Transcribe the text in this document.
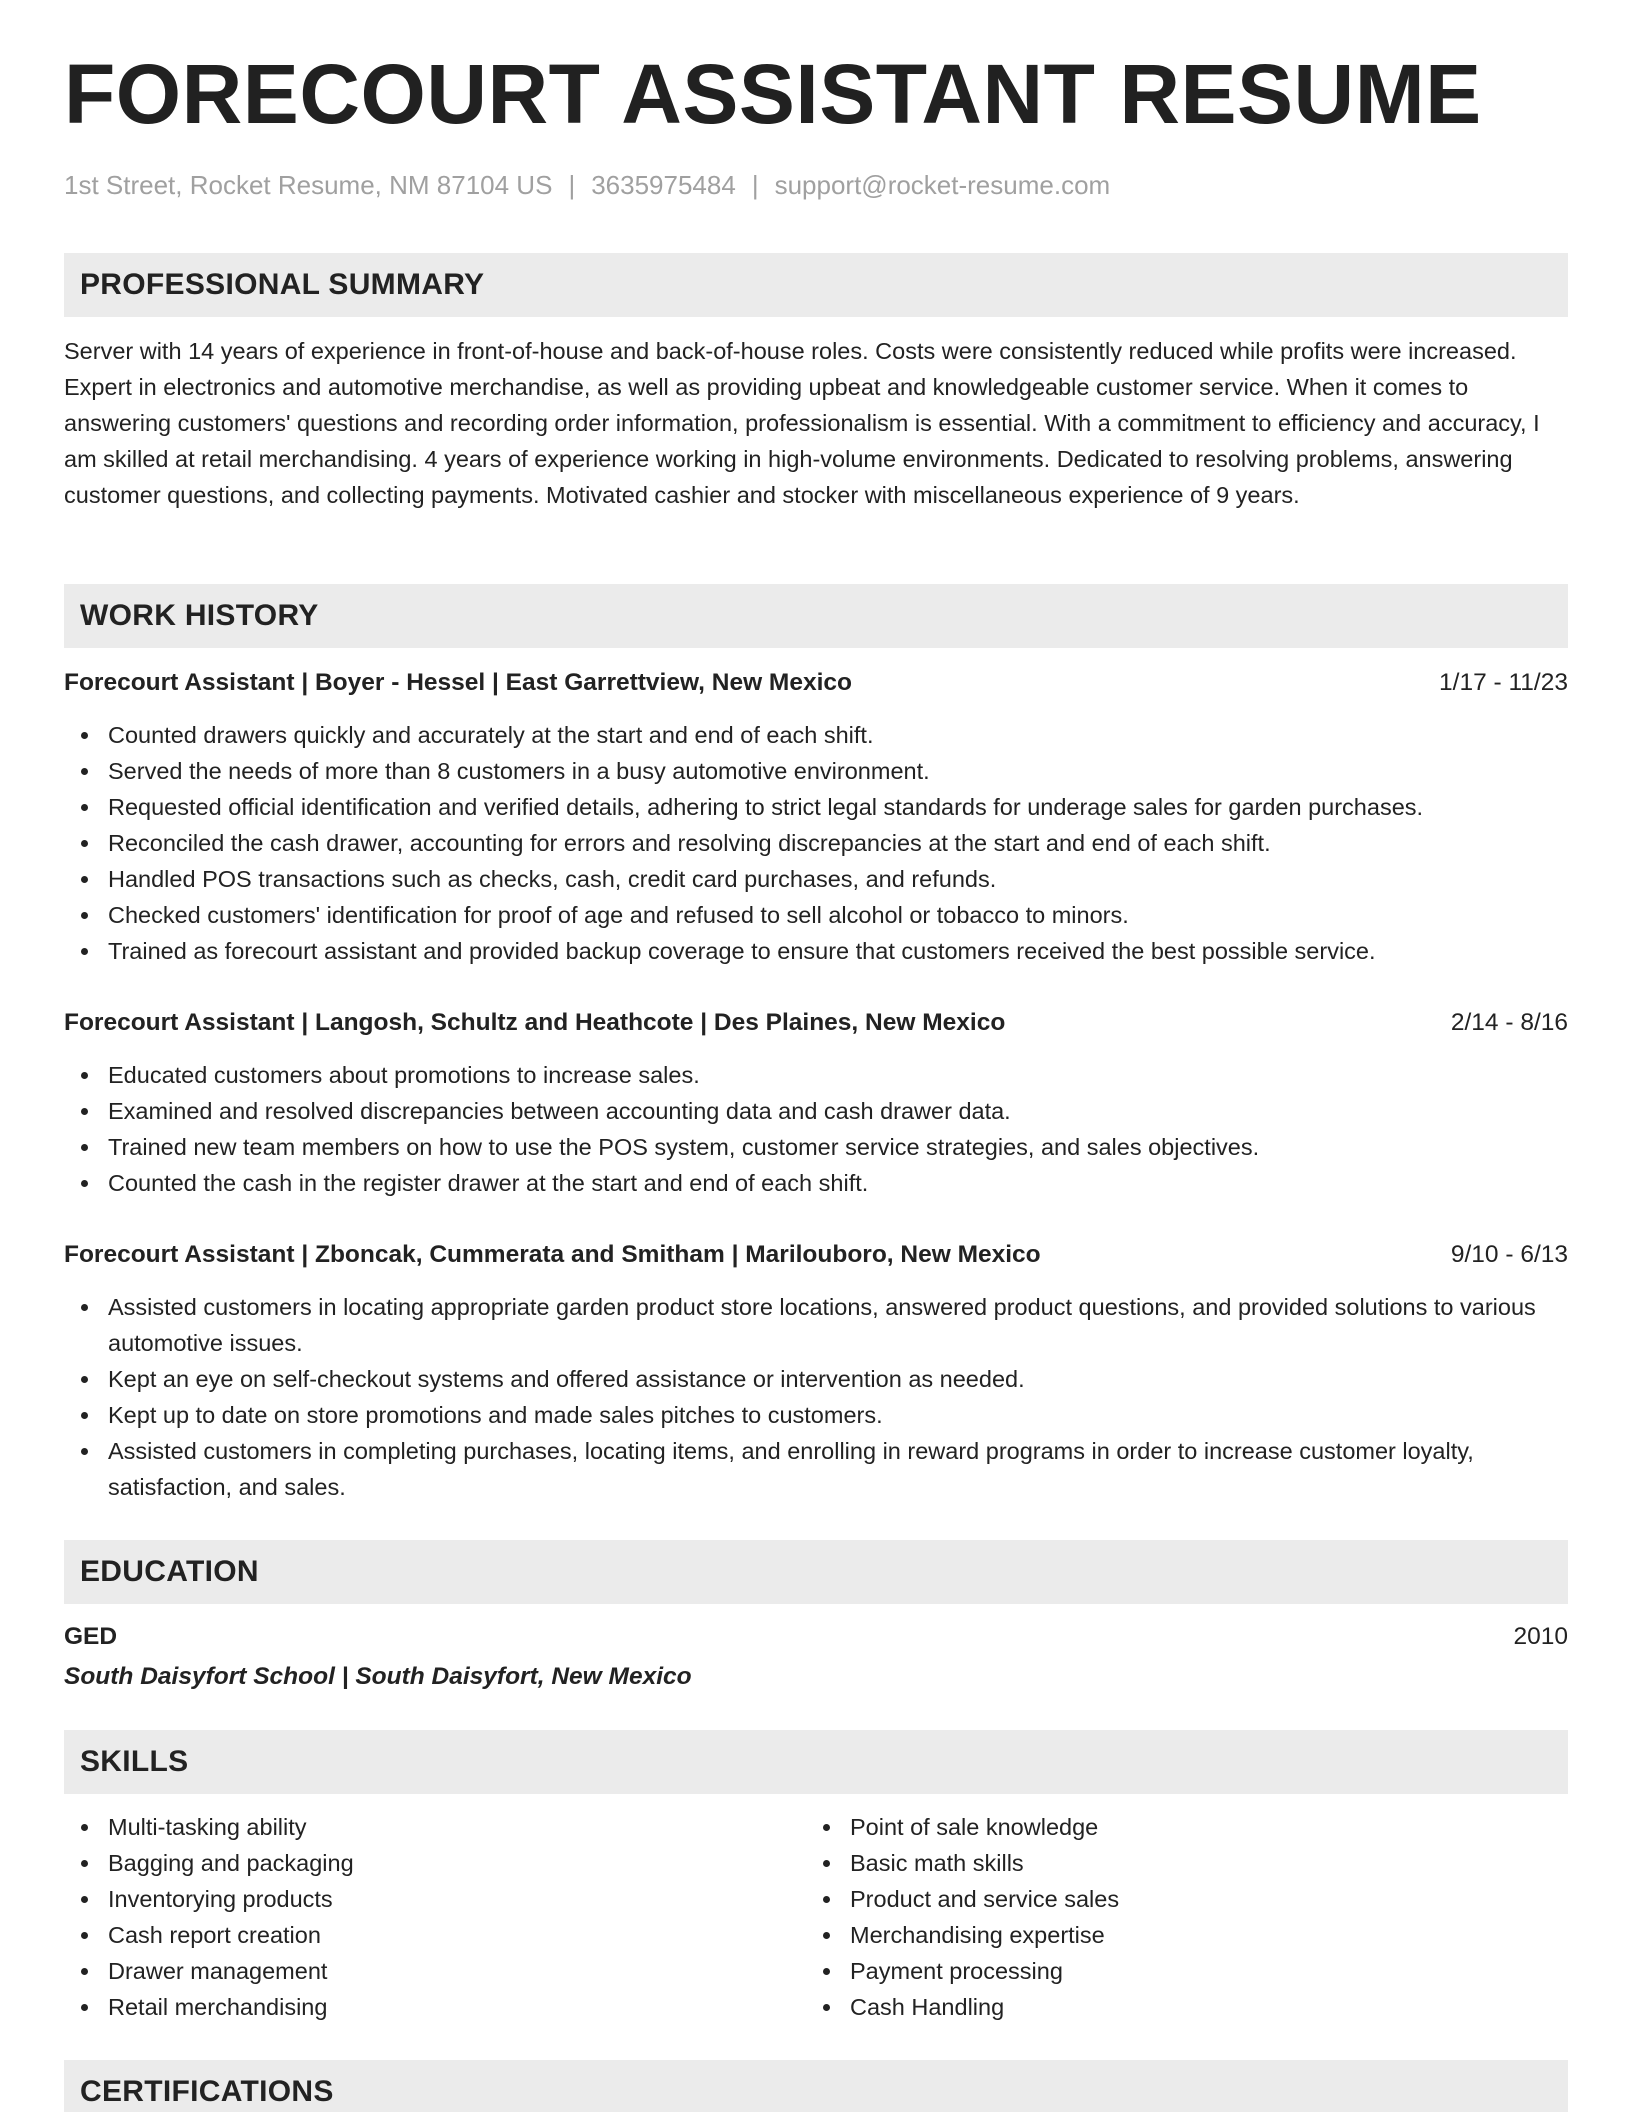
FORECOURT ASSISTANT RESUME
1st Street, Rocket Resume, NM 87104 US | 3635975484 | support@rocket-resume.com
PROFESSIONAL SUMMARY
Server with 14 years of experience in front-of-house and back-of-house roles. Costs were consistently reduced while profits were increased. Expert in electronics and automotive merchandise, as well as providing upbeat and knowledgeable customer service. When it comes to answering customers' questions and recording order information, professionalism is essential. With a commitment to efficiency and accuracy, I am skilled at retail merchandising. 4 years of experience working in high-volume environments. Dedicated to resolving problems, answering customer questions, and collecting payments. Motivated cashier and stocker with miscellaneous experience of 9 years.
WORK HISTORY
Forecourt Assistant | Boyer - Hessel | East Garrettview, New Mexico	1/17 - 11/23
Counted drawers quickly and accurately at the start and end of each shift.
Served the needs of more than 8 customers in a busy automotive environment.
Requested official identification and verified details, adhering to strict legal standards for underage sales for garden purchases.
Reconciled the cash drawer, accounting for errors and resolving discrepancies at the start and end of each shift.
Handled POS transactions such as checks, cash, credit card purchases, and refunds.
Checked customers' identification for proof of age and refused to sell alcohol or tobacco to minors.
Trained as forecourt assistant and provided backup coverage to ensure that customers received the best possible service.
Forecourt Assistant | Langosh, Schultz and Heathcote | Des Plaines, New Mexico	2/14 - 8/16
Educated customers about promotions to increase sales.
Examined and resolved discrepancies between accounting data and cash drawer data.
Trained new team members on how to use the POS system, customer service strategies, and sales objectives.
Counted the cash in the register drawer at the start and end of each shift.
Forecourt Assistant | Zboncak, Cummerata and Smitham | Marilouboro, New Mexico	9/10 - 6/13
Assisted customers in locating appropriate garden product store locations, answered product questions, and provided solutions to various automotive issues.
Kept an eye on self-checkout systems and offered assistance or intervention as needed.
Kept up to date on store promotions and made sales pitches to customers.
Assisted customers in completing purchases, locating items, and enrolling in reward programs in order to increase customer loyalty, satisfaction, and sales.
EDUCATION
GED	2010
South Daisyfort School | South Daisyfort, New Mexico
SKILLS
Multi-tasking ability
Bagging and packaging
Inventorying products
Cash report creation
Drawer management
Retail merchandising
Point of sale knowledge
Basic math skills
Product and service sales
Merchandising expertise
Payment processing
Cash Handling
CERTIFICATIONS
